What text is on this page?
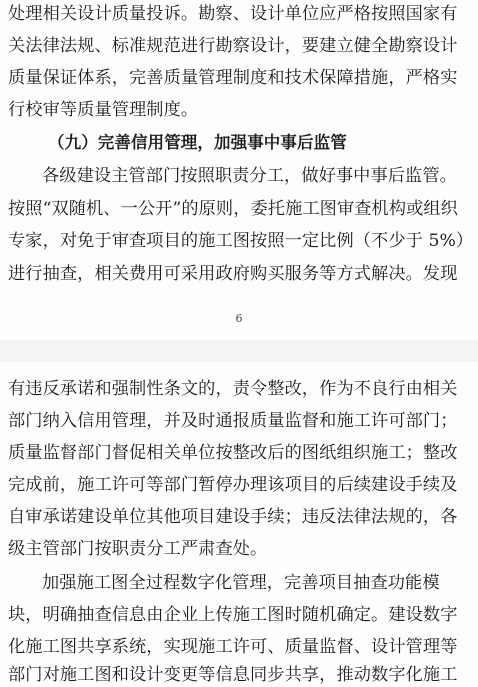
处理相关设计质量投诉。勘察、设计单位应严格按照国家有
关法律法规、标准规范进行勘察设计，要建立健全勘察设计
质量保证体系，完善质量管理制度和技术保障措施，严格实
行校审等质量管理制度。
（九）完善信用管理，加强事中事后监管
各级建设主管部门按照职责分工，做好事中事后监管。
按照“双随机、一公开”的原则，委托施工图审查机构或组织
专家，对免于审查项目的施工图按照一定比例（不少于 5%）
进行抽查，相关费用可采用政府购买服务等方式解决。发现
6
有违反承诺和强制性条文的，责令整改，作为不良行由相关
部门纳入信用管理，并及时通报质量监督和施工许可部门；
质量监督部门督促相关单位按整改后的图纸组织施工；整改
完成前，施工许可等部门暂停办理该项目的后续建设手续及
自审承诺建设单位其他项目建设手续；违反法律法规的，各
级主管部门按职责分工严肃查处。
加强施工图全过程数字化管理，完善项目抽查功能模
块，明确抽查信息由企业上传施工图时随机确定。建设数字
化施工图共享系统，实现施工许可、质量监督、设计管理等
部门对施工图和设计变更等信息同步共享，推动数字化施工
